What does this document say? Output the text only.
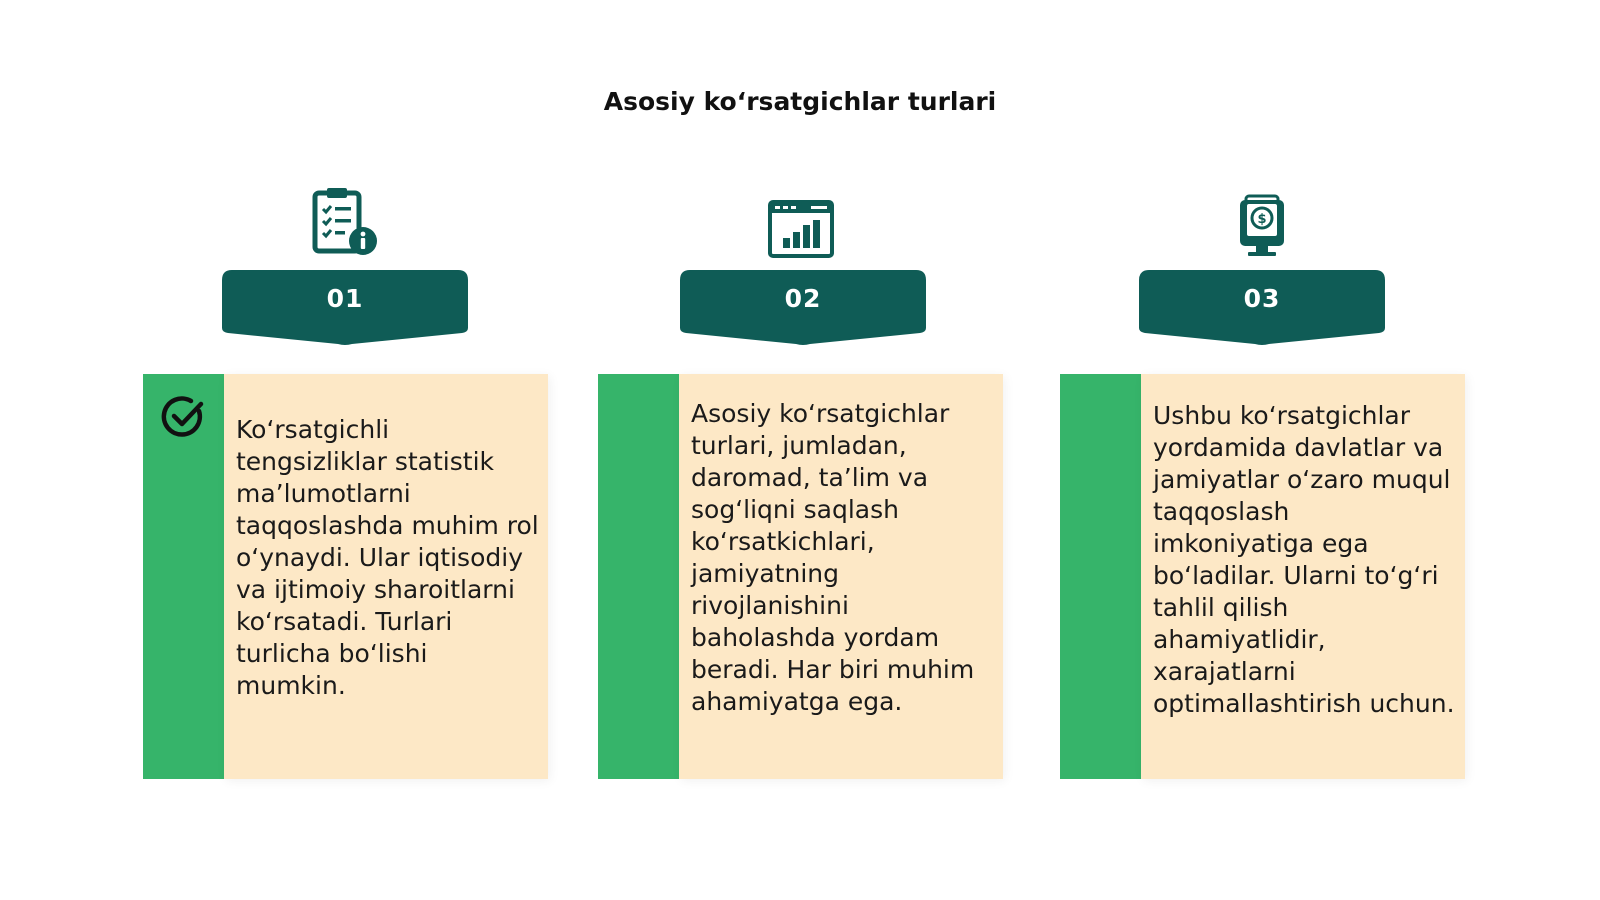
Asosiy ko‘rsatgichlar turlari
01
Ko‘rsatgichli tengsizliklar statistik ma’lumotlarni taqqoslashda muhim rol o‘ynaydi. Ular iqtisodiy va ijtimoiy sharoitlarni ko‘rsatadi. Turlari turlicha bo‘lishi mumkin.
02
Asosiy ko‘rsatgichlar turlari, jumladan, daromad, ta’lim va sog‘liqni saqlash ko‘rsatkichlari, jamiyatning rivojlanishini baholashda yordam beradi. Har biri muhim ahamiyatga ega.
$
03
Ushbu ko‘rsatgichlar yordamida davlatlar va jamiyatlar o‘zaro muqul taqqoslash imkoniyatiga ega bo‘ladilar. Ularni to‘g‘ri tahlil qilish ahamiyatlidir, xarajatlarni optimallashtirish uchun.
